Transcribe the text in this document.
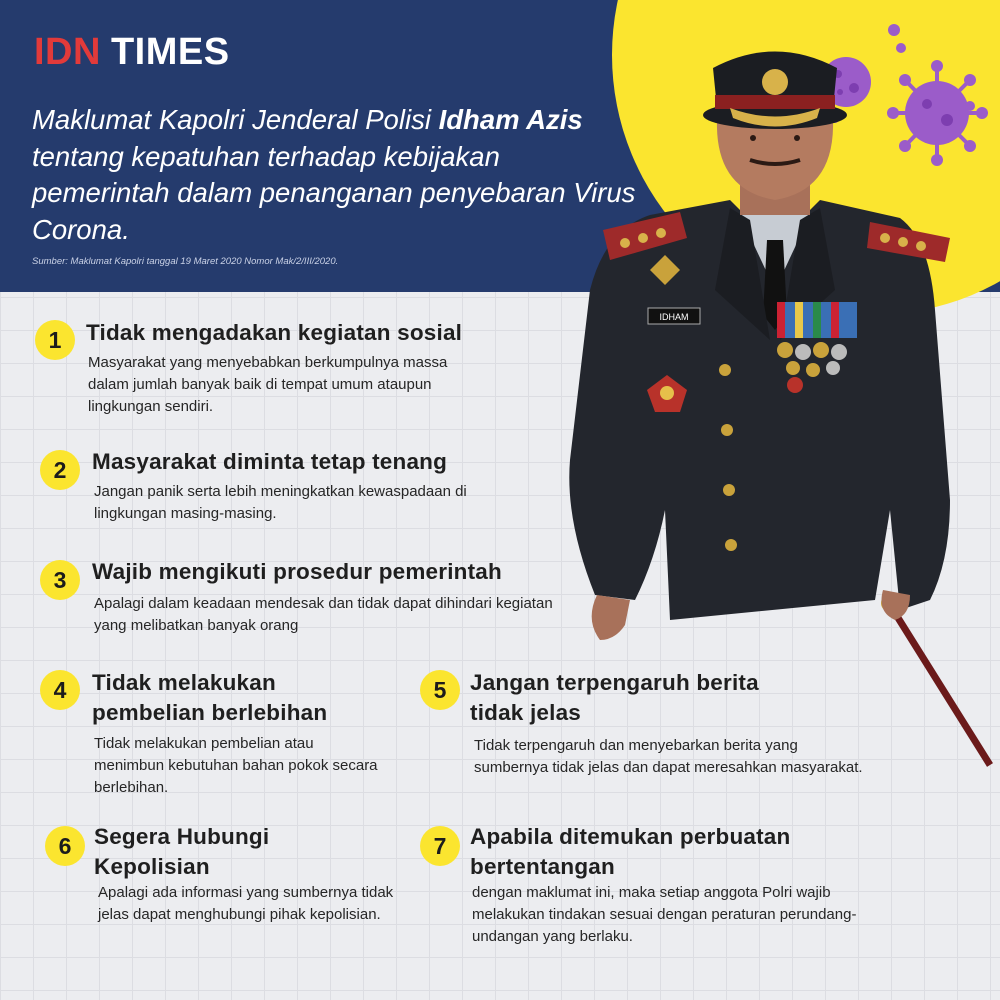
IDN TIMES
Maklumat Kapolri Jenderal Polisi Idham Azis tentang kepatuhan terhadap kebijakan pemerintah dalam penanganan penyebaran Virus Corona.
Sumber: Maklumat Kapolri tanggal 19 Maret 2020 Nomor Mak/2/III/2020.
IDHAM
1	Tidak mengadakan kegiatan sosial
Masyarakat yang menyebabkan berkumpulnya massa dalam jumlah banyak baik di tempat umum ataupun lingkungan sendiri.
2	Masyarakat diminta tetap tenang
Jangan panik serta lebih meningkatkan kewaspadaan di lingkungan masing-masing.
3	Wajib mengikuti prosedur pemerintah
Apalagi dalam keadaan mendesak dan tidak dapat dihindari kegiatan yang melibatkan banyak orang
4	Tidak melakukan pembelian berlebihan
Tidak melakukan pembelian atau menimbun kebutuhan bahan pokok secara berlebihan.
5	Jangan terpengaruh berita tidak jelas
Tidak terpengaruh dan menyebarkan berita yang sumbernya tidak jelas dan dapat meresahkan masyarakat.
6	Segera Hubungi Kepolisian
Apalagi ada informasi yang sumbernya tidak jelas dapat menghubungi pihak kepolisian.
7	Apabila ditemukan perbuatan bertentangan
dengan maklumat ini, maka setiap anggota Polri wajib melakukan tindakan sesuai dengan peraturan perundang-undangan yang berlaku.
